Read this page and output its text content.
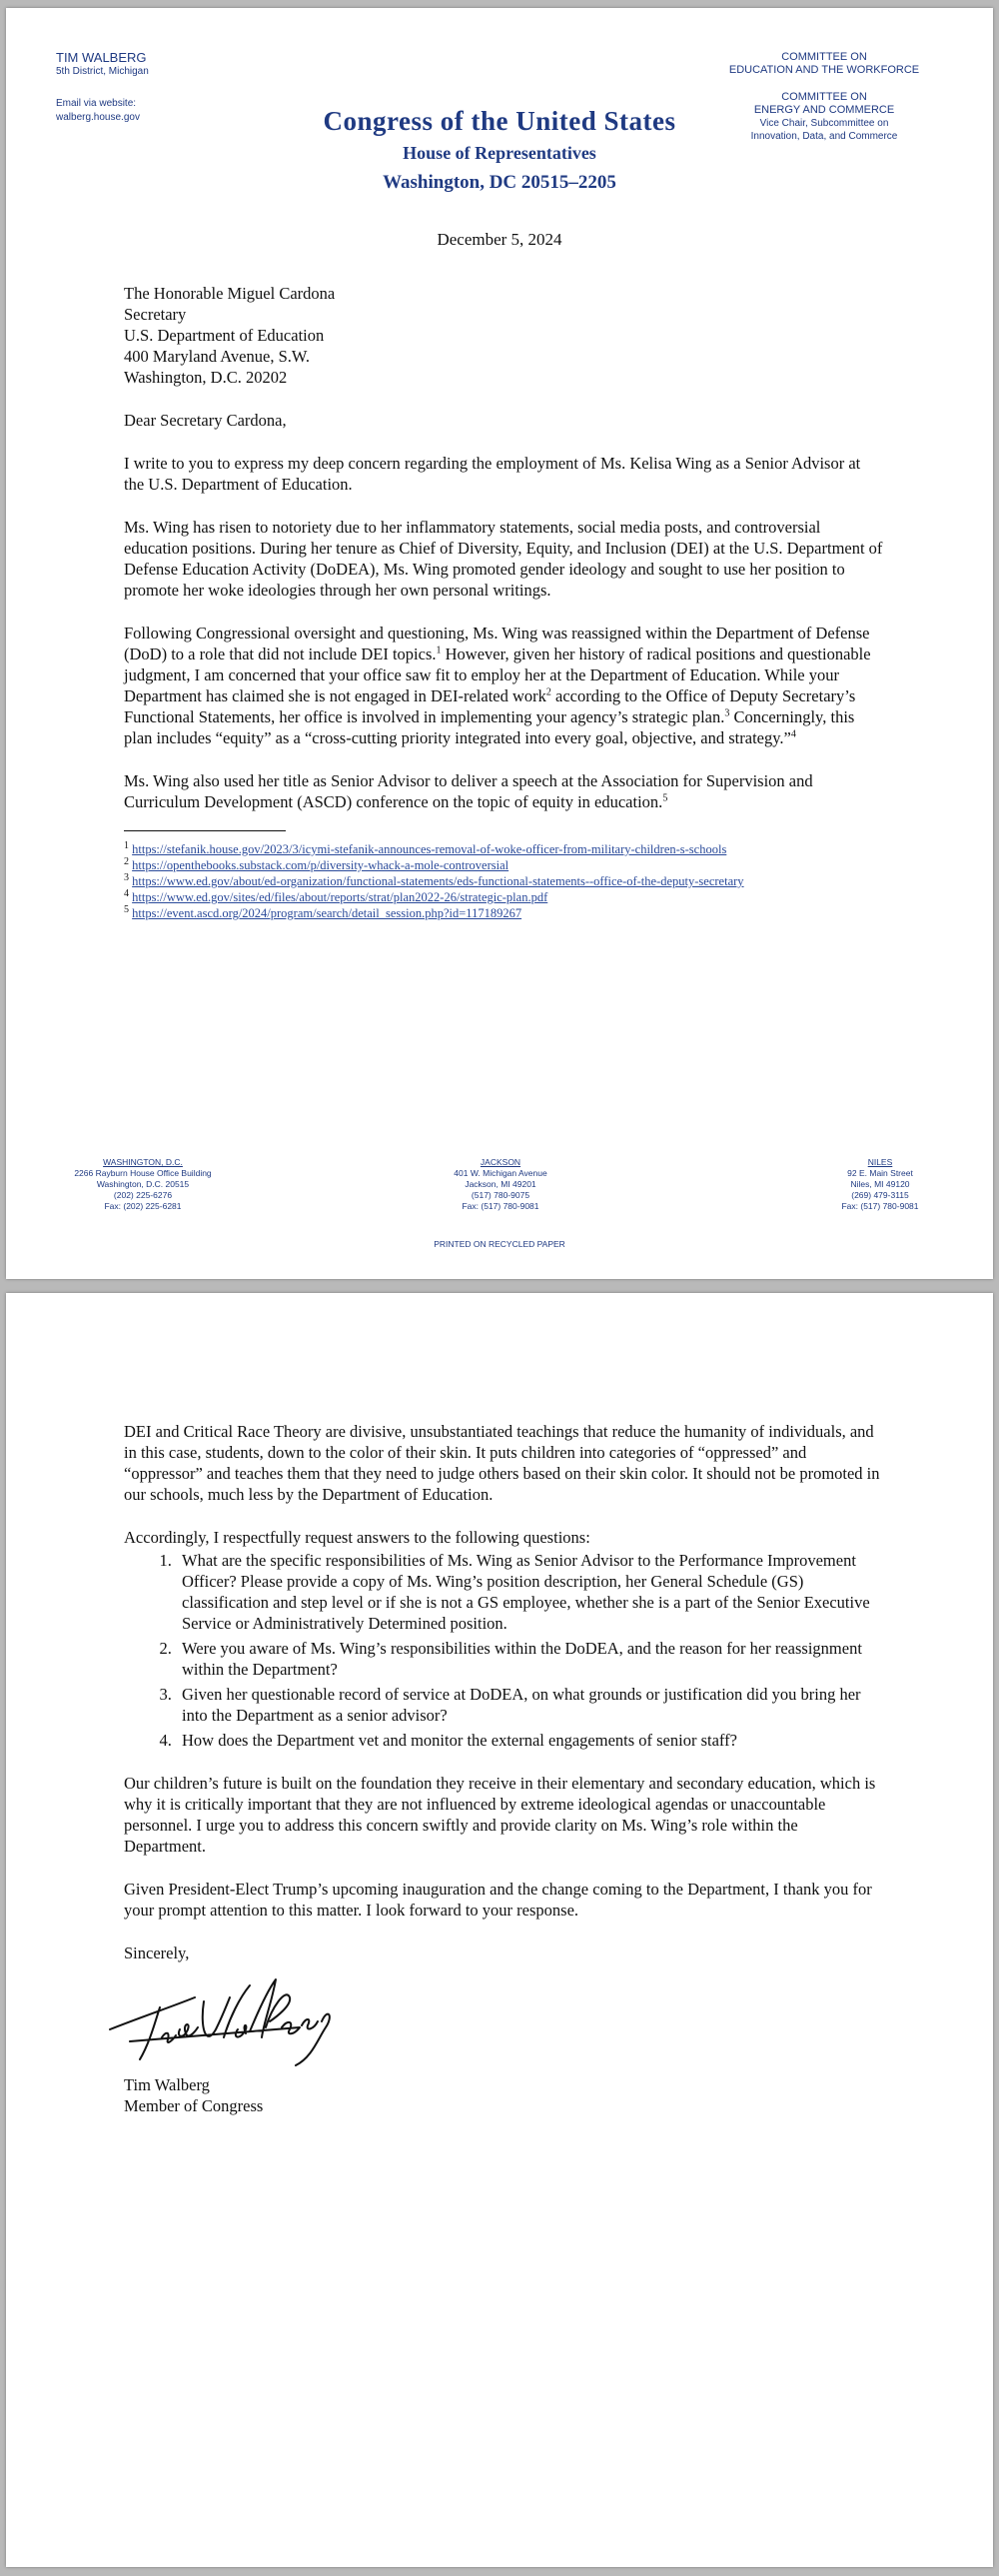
TIM WALBERG
5th District, Michigan
Email via website:
walberg.house.gov	Congress of the United States
House of Representatives
Washington, DC 20515–2205
COMMITTEE ON
EDUCATION AND THE WORKFORCE
COMMITTEE ON
ENERGY AND COMMERCE
Vice Chair, Subcommittee on
Innovation, Data, and Commerce
December 5, 2024
The Honorable Miguel Cardona
Secretary
U.S. Department of Education
400 Maryland Avenue, S.W.
Washington, D.C. 20202

Dear Secretary Cardona,

I write to you to express my deep concern regarding the employment of Ms. Kelisa Wing as a Senior Advisor at the U.S. Department of Education.

Ms. Wing has risen to notoriety due to her inflammatory statements, social media posts, and controversial education positions. During her tenure as Chief of Diversity, Equity, and Inclusion (DEI) at the U.S. Department of Defense Education Activity (DoDEA), Ms. Wing promoted gender ideology and sought to use her position to promote her woke ideologies through her own personal writings.

Following Congressional oversight and questioning, Ms. Wing was reassigned within the Department of Defense (DoD) to a role that did not include DEI topics.$^1$ However, given her history of radical positions and questionable judgment, I am concerned that your office saw fit to employ her at the Department of Education. While your Department has claimed she is not engaged in DEI-related work$^2$ according to the Office of Deputy Secretary’s Functional Statements, her office is involved in implementing your agency’s strategic plan.$^3$ Concerningly, this plan includes “equity” as a “cross-cutting priority integrated into every goal, objective, and strategy.”$^4$

Ms. Wing also used her title as Senior Advisor to deliver a speech at the Association for Supervision and Curriculum Development (ASCD) conference on the topic of equity in education.$^5$

$^1$ https://stefanik.house.gov/2023/3/icymi-stefanik-announces-removal-of-woke-officer-from-military-children-s-schools
$^2$ https://openthebooks.substack.com/p/diversity-whack-a-mole-controversial
$^3$ https://www.ed.gov/about/ed-organization/functional-statements/eds-functional-statements--office-of-the-deputy-secretary
$^4$ https://www.ed.gov/sites/ed/files/about/reports/strat/plan2022-26/strategic-plan.pdf
$^5$ https://event.ascd.org/2024/program/search/detail_session.php?id=117189267
WASHINGTON, D.C.
2266 Rayburn House Office Building
Washington, D.C. 20515
(202) 225-6276
Fax: (202) 225-6281
JACKSON
401 W. Michigan Avenue
Jackson, MI 49201
(517) 780-9075
Fax: (517) 780-9081
NILES
92 E. Main Street
Niles, MI 49120
(269) 479-3115
Fax: (517) 780-9081
PRINTED ON RECYCLED PAPER

DEI and Critical Race Theory are divisive, unsubstantiated teachings that reduce the humanity of individuals, and in this case, students, down to the color of their skin. It puts children into categories of “oppressed” and “oppressor” and teaches them that they need to judge others based on their skin color. It should not be promoted in our schools, much less by the Department of Education.

Accordingly, I respectfully request answers to the following questions:

1. What are the specific responsibilities of Ms. Wing as Senior Advisor to the Performance Improvement Officer? Please provide a copy of Ms. Wing’s position description, her General Schedule (GS) classification and step level or if she is not a GS employee, whether she is a part of the Senior Executive Service or Administratively Determined position.
2. Were you aware of Ms. Wing’s responsibilities within the DoDEA, and the reason for her reassignment within the Department?
3. Given her questionable record of service at DoDEA, on what grounds or justification did you bring her into the Department as a senior advisor?
4. How does the Department vet and monitor the external engagements of senior staff?

Our children’s future is built on the foundation they receive in their elementary and secondary education, which is why it is critically important that they are not influenced by extreme ideological agendas or unaccountable personnel. I urge you to address this concern swiftly and provide clarity on Ms. Wing’s role within the Department.

Given President-Elect Trump’s upcoming inauguration and the change coming to the Department, I thank you for your prompt attention to this matter. I look forward to your response.

Sincerely,
Tim Walberg
Member of Congress
